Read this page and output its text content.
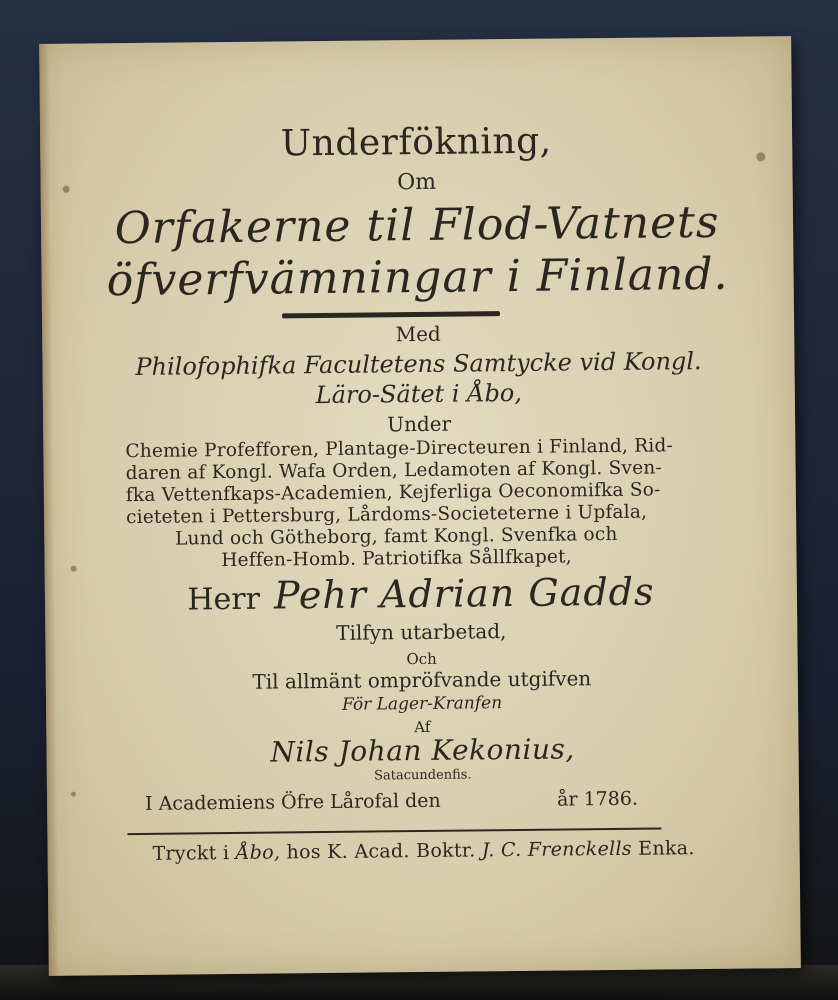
Underfökning,
Om
Orfakerne til Flod-Vatnets
öfverfvämningar i Finland.
Med
Philofophifka Facultetens Samtycke vid Kongl.
Läro-Sätet i Åbo,
Under
Chemie Profefforen, Plantage-Directeuren i Finland, Rid-
daren af Kongl. Wafa Orden, Ledamoten af Kongl. Sven-
fka Vettenfkaps-Academien, Kejferliga Oeconomifka So-
cieteten i Pettersburg, Lårdoms-Societeterne i Upfala,
Lund och Götheborg, famt Kongl. Svenfka och
Heffen-Homb. Patriotifka Sållfkapet,
Herr Pehr Adrian Gadds
Tilfyn utarbetad,
Och
Til allmänt ompröfvande utgifven
För Lager-Kranfen
Af
Nils Johan Kekonius,
Satacundenfis.
I Academiens Öfre Lårofal den	år 1786.
Tryckt i Åbo, hos K. Acad. Boktr. J. C. Frenckells Enka.
